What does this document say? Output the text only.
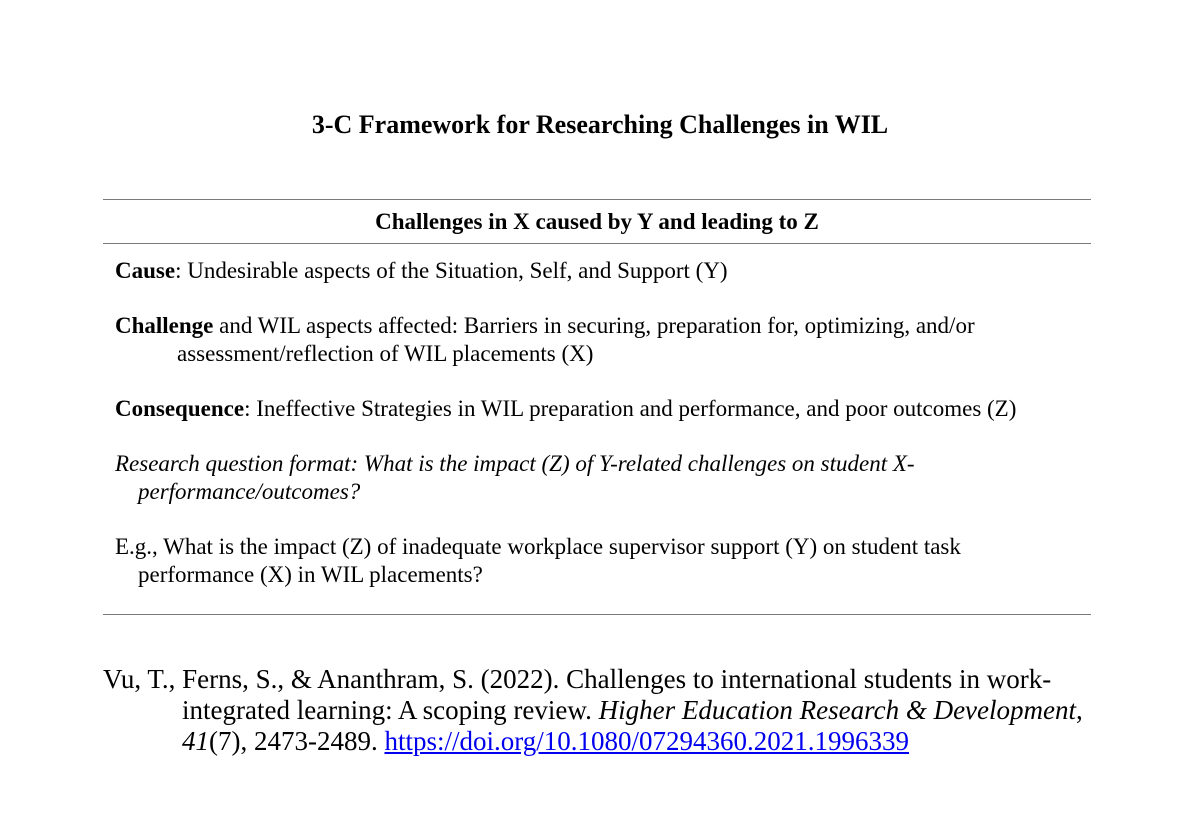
3-C Framework for Researching Challenges in WIL
Challenges in X caused by Y and leading to Z

Cause: Undesirable aspects of the Situation, Self, and Support (Y)

Challenge and WIL aspects affected: Barriers in securing, preparation for, optimizing, and/or assessment/reflection of WIL placements (X)

Consequence: Ineffective Strategies in WIL preparation and performance, and poor outcomes (Z)

Research question format: What is the impact (Z) of Y-related challenges on student X-performance/outcomes?

E.g., What is the impact (Z) of inadequate workplace supervisor support (Y) on student task performance (X) in WIL placements?

Vu, T., Ferns, S., & Ananthram, S. (2022). Challenges to international students in work-integrated learning: A scoping review. Higher Education Research & Development, 41(7), 2473-2489. https://doi.org/10.1080/07294360.2021.1996339
